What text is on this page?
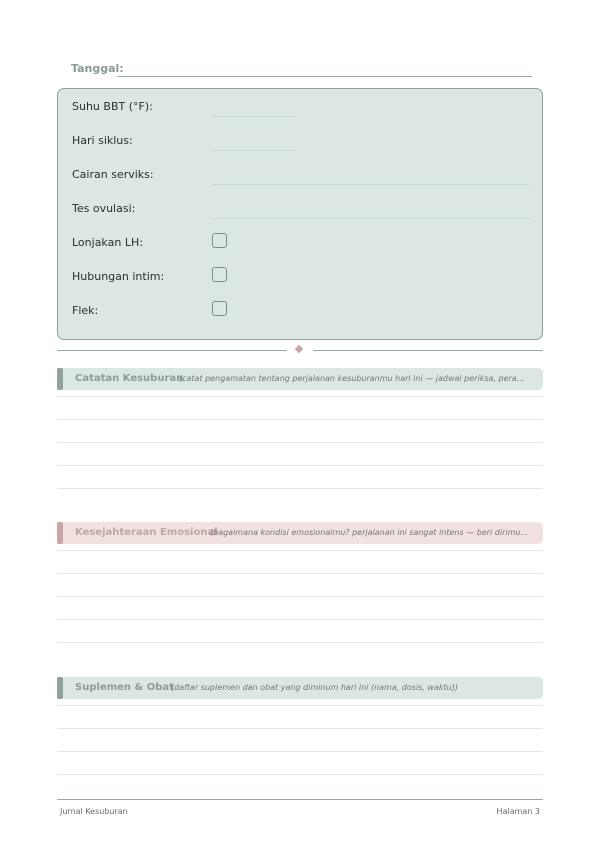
Tanggal:
Suhu BBT (°F):
Hari siklus:
Cairan serviks:
Tes ovulasi:
Lonjakan LH:
Hubungan intim:
Flek:
Catatan Kesuburan
(catat pengamatan tentang perjalanan kesuburanmu hari ini — jadwal periksa, pera...
Kesejahteraan Emosional
(bagaimana kondisi emosionalmu? perjalanan ini sangat intens — beri dirimu...
Suplemen & Obat
(daftar suplemen dan obat yang diminum hari ini (nama, dosis, waktu))
Jurnal Kesuburan	Halaman 3
